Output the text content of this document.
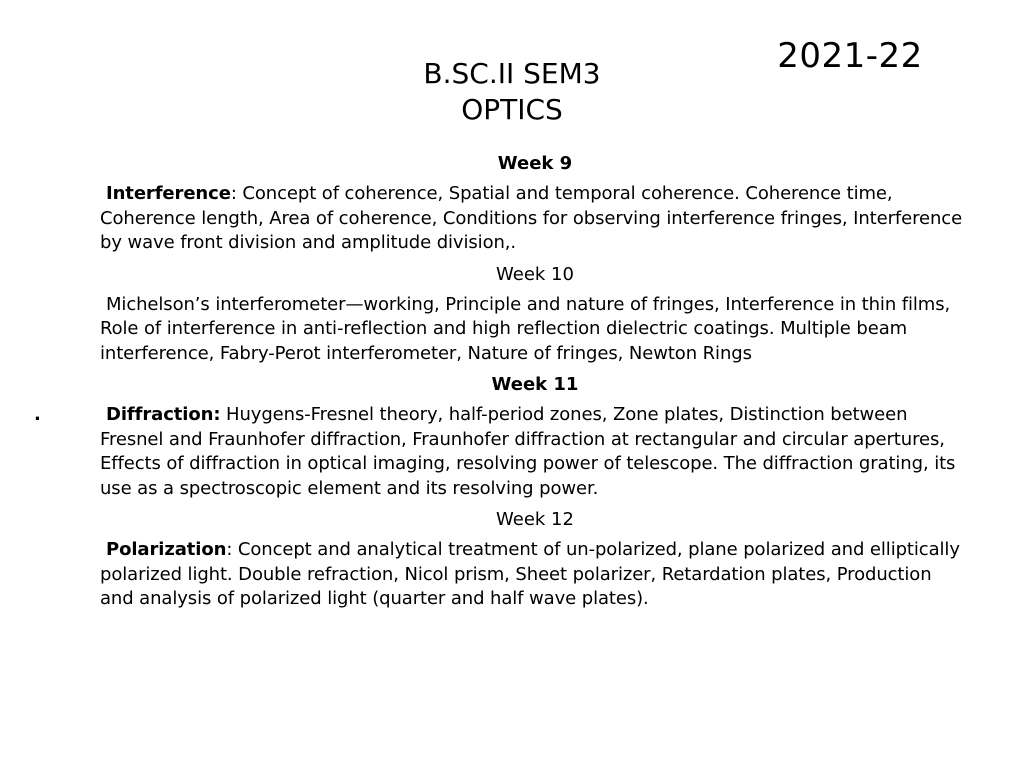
2021-22
B.SC.II SEM3
OPTICS
Week 9

Interference: Concept of coherence, Spatial and temporal coherence. Coherence time, Coherence length, Area of coherence, Conditions for observing interference fringes, Interference by wave front division and amplitude division,.

Week 10

Michelson’s interferometer—working, Principle and nature of fringes, Interference in thin films, Role of interference in anti-reflection and high reflection dielectric coatings. Multiple beam interference, Fabry-Perot interferometer, Nature of fringes, Newton Rings

Week 11

.	Diffraction: Huygens-Fresnel theory, half-period zones, Zone plates, Distinction between Fresnel and Fraunhofer diffraction, Fraunhofer diffraction at rectangular and circular apertures, Effects of diffraction in optical imaging, resolving power of telescope. The diffraction grating, its use as a spectroscopic element and its resolving power.

Week 12

Polarization: Concept and analytical treatment of un-polarized, plane polarized and elliptically polarized light. Double refraction, Nicol prism, Sheet polarizer, Retardation plates, Production and analysis of polarized light (quarter and half wave plates).
